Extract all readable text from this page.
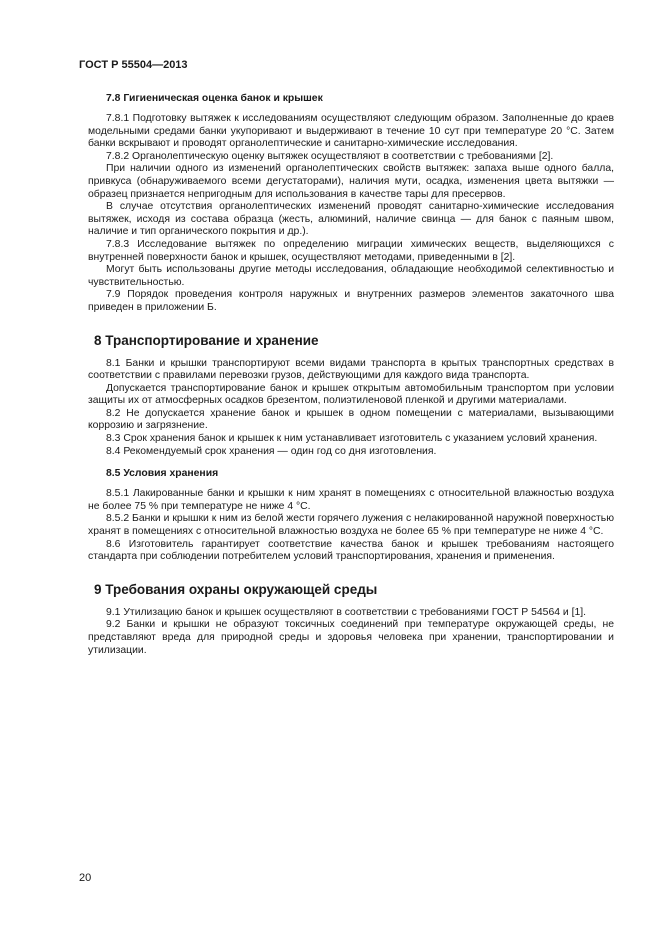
ГОСТ Р 55504—2013
7.8 Гигиеническая оценка банок и крышек

7.8.1 Подготовку вытяжек к исследованиям осуществляют следующим образом. Заполненные до краев модельными средами банки укупоривают и выдерживают в течение 10 сут при температуре 20 °С. Затем банки вскрывают и проводят органолептические и санитарно-химические исследования.

7.8.2 Органолептическую оценку вытяжек осуществляют в соответствии с требованиями [2].

При наличии одного из изменений органолептических свойств вытяжек: запаха выше одного балла, привкуса (обнаруживаемого всеми дегустаторами), наличия мути, осадка, изменения цвета вытяжки — образец признается непригодным для использования в качестве тары для пресервов.

В случае отсутствия органолептических изменений проводят санитарно-химические исследования вытяжек, исходя из состава образца (жесть, алюминий, наличие свинца — для банок с паяным швом, наличие и тип органического покрытия и др.).

7.8.3 Исследование вытяжек по определению миграции химических веществ, выделяющихся с внутренней поверхности банок и крышек, осуществляют методами, приведенными в [2].

Могут быть использованы другие методы исследования, обладающие необходимой селективностью и чувствительностью.

7.9 Порядок проведения контроля наружных и внутренних размеров элементов закаточного шва приведен в приложении Б.

8 Транспортирование и хранение

8.1 Банки и крышки транспортируют всеми видами транспорта в крытых транспортных средствах в соответствии с правилами перевозки грузов, действующими для каждого вида транспорта.

Допускается транспортирование банок и крышек открытым автомобильным транспортом при условии защиты их от атмосферных осадков брезентом, полиэтиленовой пленкой и другими материалами.

8.2 Не допускается хранение банок и крышек в одном помещении с материалами, вызывающими коррозию и загрязнение.

8.3 Срок хранения банок и крышек к ним устанавливает изготовитель с указанием условий хранения.

8.4 Рекомендуемый срок хранения — один год со дня изготовления.

8.5 Условия хранения

8.5.1 Лакированные банки и крышки к ним хранят в помещениях с относительной влажностью воздуха не более 75 % при температуре не ниже 4 °С.

8.5.2 Банки и крышки к ним из белой жести горячего лужения с нелакированной наружной поверхностью хранят в помещениях с относительной влажностью воздуха не более 65 % при температуре не ниже 4 °С.

8.6 Изготовитель гарантирует соответствие качества банок и крышек требованиям настоящего стандарта при соблюдении потребителем условий транспортирования, хранения и применения.

9 Требования охраны окружающей среды

9.1 Утилизацию банок и крышек осуществляют в соответствии с требованиями ГОСТ Р 54564 и [1].

9.2 Банки и крышки не образуют токсичных соединений при температуре окружающей среды, не представляют вреда для природной среды и здоровья человека при хранении, транспортировании и утилизации.

20
